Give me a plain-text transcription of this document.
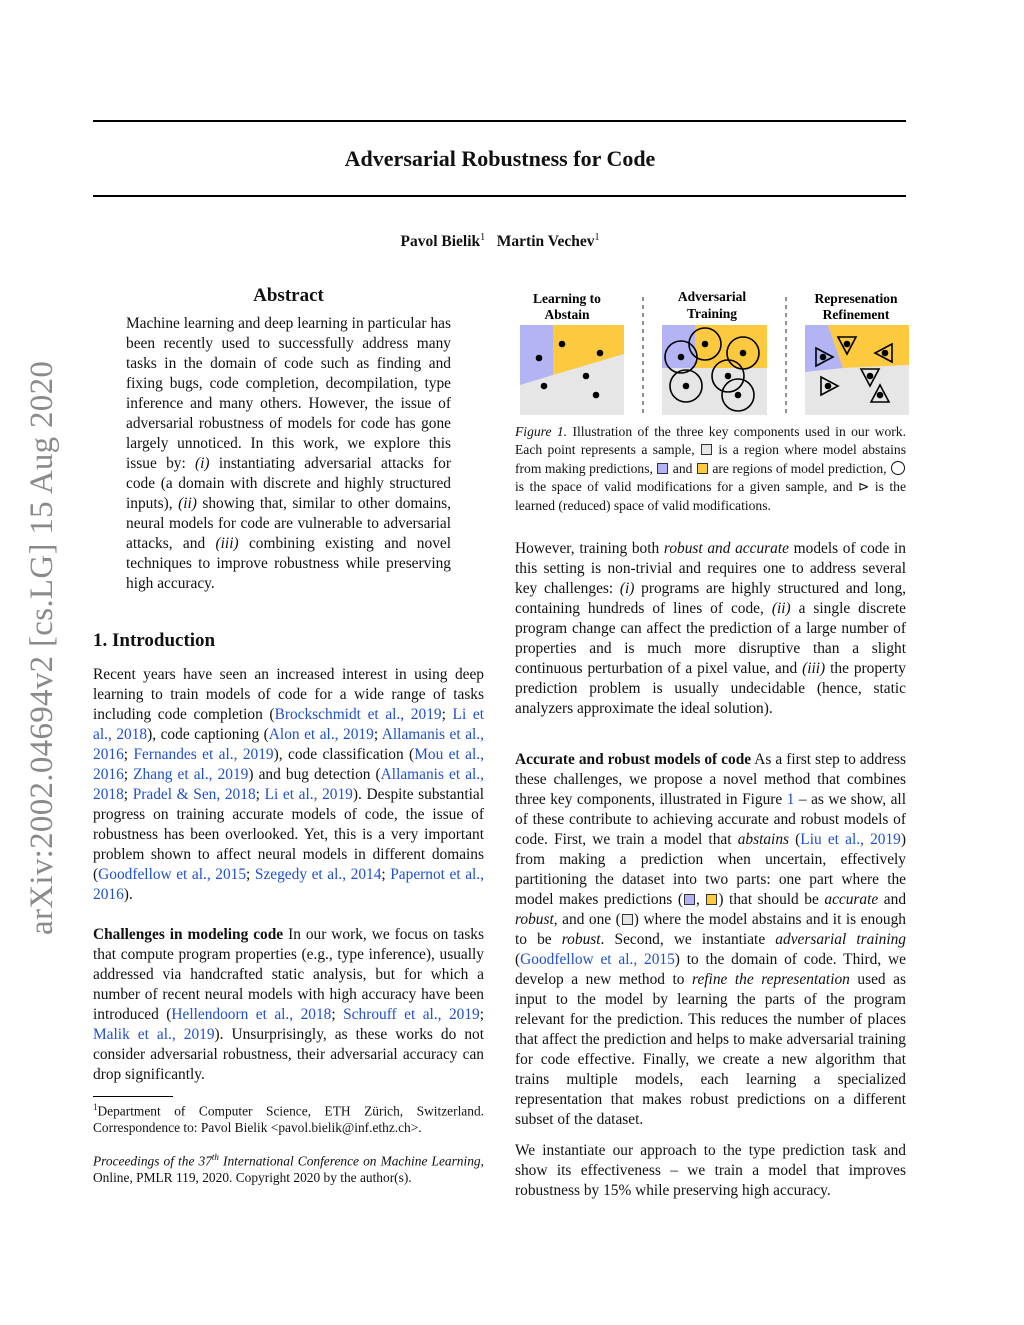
arXiv:2002.04694v2 [cs.LG] 15 Aug 2020
Adversarial Robustness for Code
Pavol Bielik$^1$ Martin Vechev$^1$
Abstract
Machine learning and deep learning in particular has been recently used to successfully address many tasks in the domain of code such as finding and fixing bugs, code completion, decompilation, type inference and many others. However, the issue of adversarial robustness of models for code has gone largely unnoticed. In this work, we explore this issue by: (i) instantiating adversarial attacks for code (a domain with discrete and highly structured inputs), (ii) showing that, similar to other domains, neural models for code are vulnerable to adversarial attacks, and (iii) combining existing and novel techniques to improve robustness while preserving high accuracy.
1. Introduction
Recent years have seen an increased interest in using deep learning to train models of code for a wide range of tasks including code completion (Brockschmidt et al., 2019; Li et al., 2018), code captioning (Alon et al., 2019; Allamanis et al., 2016; Fernandes et al., 2019), code classification (Mou et al., 2016; Zhang et al., 2019) and bug detection (Allamanis et al., 2018; Pradel & Sen, 2018; Li et al., 2019). Despite substantial progress on training accurate models of code, the issue of robustness has been overlooked. Yet, this is a very important problem shown to affect neural models in different domains (Goodfellow et al., 2015; Szegedy et al., 2014; Papernot et al., 2016).
Challenges in modeling code In our work, we focus on tasks that compute program properties (e.g., type inference), usually addressed via handcrafted static analysis, but for which a number of recent neural models with high accuracy have been introduced (Hellendoorn et al., 2018; Schrouff et al., 2019; Malik et al., 2019). Unsurprisingly, as these works do not consider adversarial robustness, their adversarial accuracy can drop significantly.
$^1$Department of Computer Science, ETH Zürich, Switzerland. Correspondence to: Pavol Bielik <pavol.bielik@inf.ethz.ch>.
Proceedings of the 37th International Conference on Machine Learning, Online, PMLR 119, 2020. Copyright 2020 by the author(s).
Learning to
Abstain
Adversarial
Training
Represenation
Refinement
Figure 1. Illustration of the three key components used in our work. Each point represents a sample,  is a region where model abstains from making predictions,  and  are regions of model prediction,  is the space of valid modifications for a given sample, and ⊳ is the learned (reduced) space of valid modifications.
However, training both robust and accurate models of code in this setting is non-trivial and requires one to address several key challenges: (i) programs are highly structured and long, containing hundreds of lines of code, (ii) a single discrete program change can affect the prediction of a large number of properties and is much more disruptive than a slight continuous perturbation of a pixel value, and (iii) the property prediction problem is usually undecidable (hence, static analyzers approximate the ideal solution).
Accurate and robust models of code As a first step to address these challenges, we propose a novel method that combines three key components, illustrated in Figure 1 – as we show, all of these contribute to achieving accurate and robust models of code. First, we train a model that abstains (Liu et al., 2019) from making a prediction when uncertain, effectively partitioning the dataset into two parts: one part where the model makes predictions ( , ) that should be accurate and robust, and one ( ) where the model abstains and it is enough to be robust. Second, we instantiate adversarial training (Goodfellow et al., 2015) to the domain of code. Third, we develop a new method to refine the representation used as input to the model by learning the parts of the program relevant for the prediction. This reduces the number of places that affect the prediction and helps to make adversarial training for code effective. Finally, we create a new algorithm that trains multiple models, each learning a specialized representation that makes robust predictions on a different subset of the dataset.
We instantiate our approach to the type prediction task and show its effectiveness – we train a model that improves robustness by 15% while preserving high accuracy.
